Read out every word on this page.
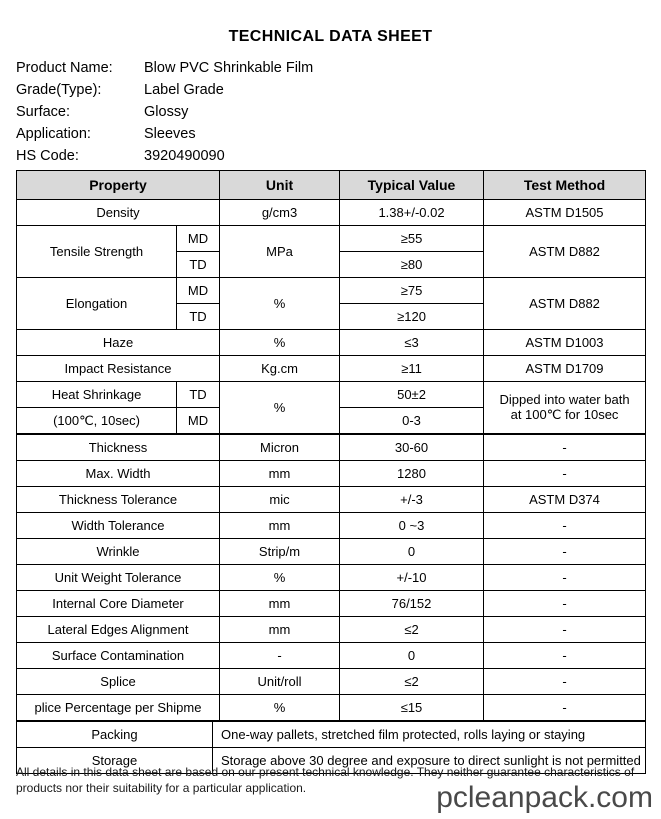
TECHNICAL DATA SHEET
Product Name:	Blow PVC Shrinkable Film
Grade(Type):	Label Grade
Surface:	Glossy
Application:	Sleeves
HS Code:	3920490090
Property		Unit	Typical Value	Test Method
Density		g/cm3	1.38+/-0.02	ASTM D1505
Tensile Strength	MD	MPa	≥55	ASTM D882
	TD		≥80	
Elongation	MD	%	≥75	ASTM D882
	TD		≥120	
Haze		%	≤3	ASTM D1003
Impact Resistance		Kg.cm	≥11	ASTM D1709
Heat Shrinkage	TD	%	50±2	Dipped into water bath
at 100℃ for 10sec
(100℃, 10sec)	MD		0-3	
Thickness	Micron	30-60	-
Max. Width	mm	1280	-
Thickness Tolerance	mic	+/-3	ASTM D374
Width Tolerance	mm	0 ~3	-
Wrinkle	Strip/m	0	-
Unit Weight Tolerance	%	+/-10	-
Internal Core Diameter	mm	76/152	-
Lateral Edges Alignment	mm	≤2	-
Surface Contamination	-	0	-
Splice	Unit/roll	≤2	-
plice Percentage per Shipme	%	≤15	-
Packing	One-way pallets, stretched film protected, rolls laying or staying
Storage	Storage above 30 degree and exposure to direct sunlight is not permitted
All details in this data sheet are based on our present technical knowledge. They neither guarantee characteristics of products nor their suitability for a particular application.	pcleanpack.com
